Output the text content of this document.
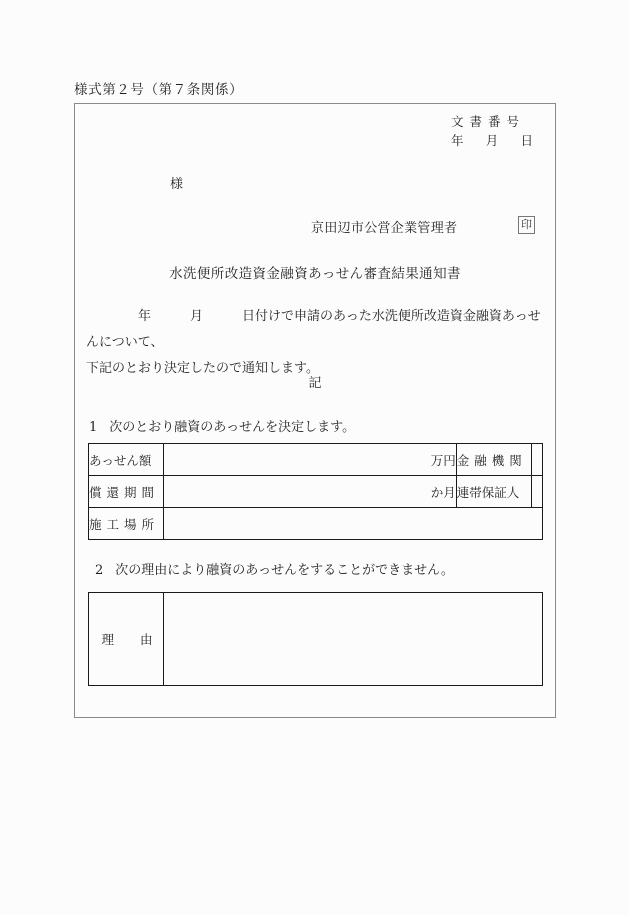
様式第２号（第７条関係）
文書番号
年 月 日
様
京田辺市公営企業管理者	印
水洗便所改造資金融資あっせん審査結果通知書
年　　　月　　　日付けで申請のあった水洗便所改造資金融資あっせんについて、
下記のとおり決定したので通知します。
記
1 次のとおり融資のあっせんを決定します。
あっせん額	万円	金融機関	
償還期間	か月	連帯保証人	
施工場所			
2 次の理由により融資のあっせんをすることができません。
理由	
